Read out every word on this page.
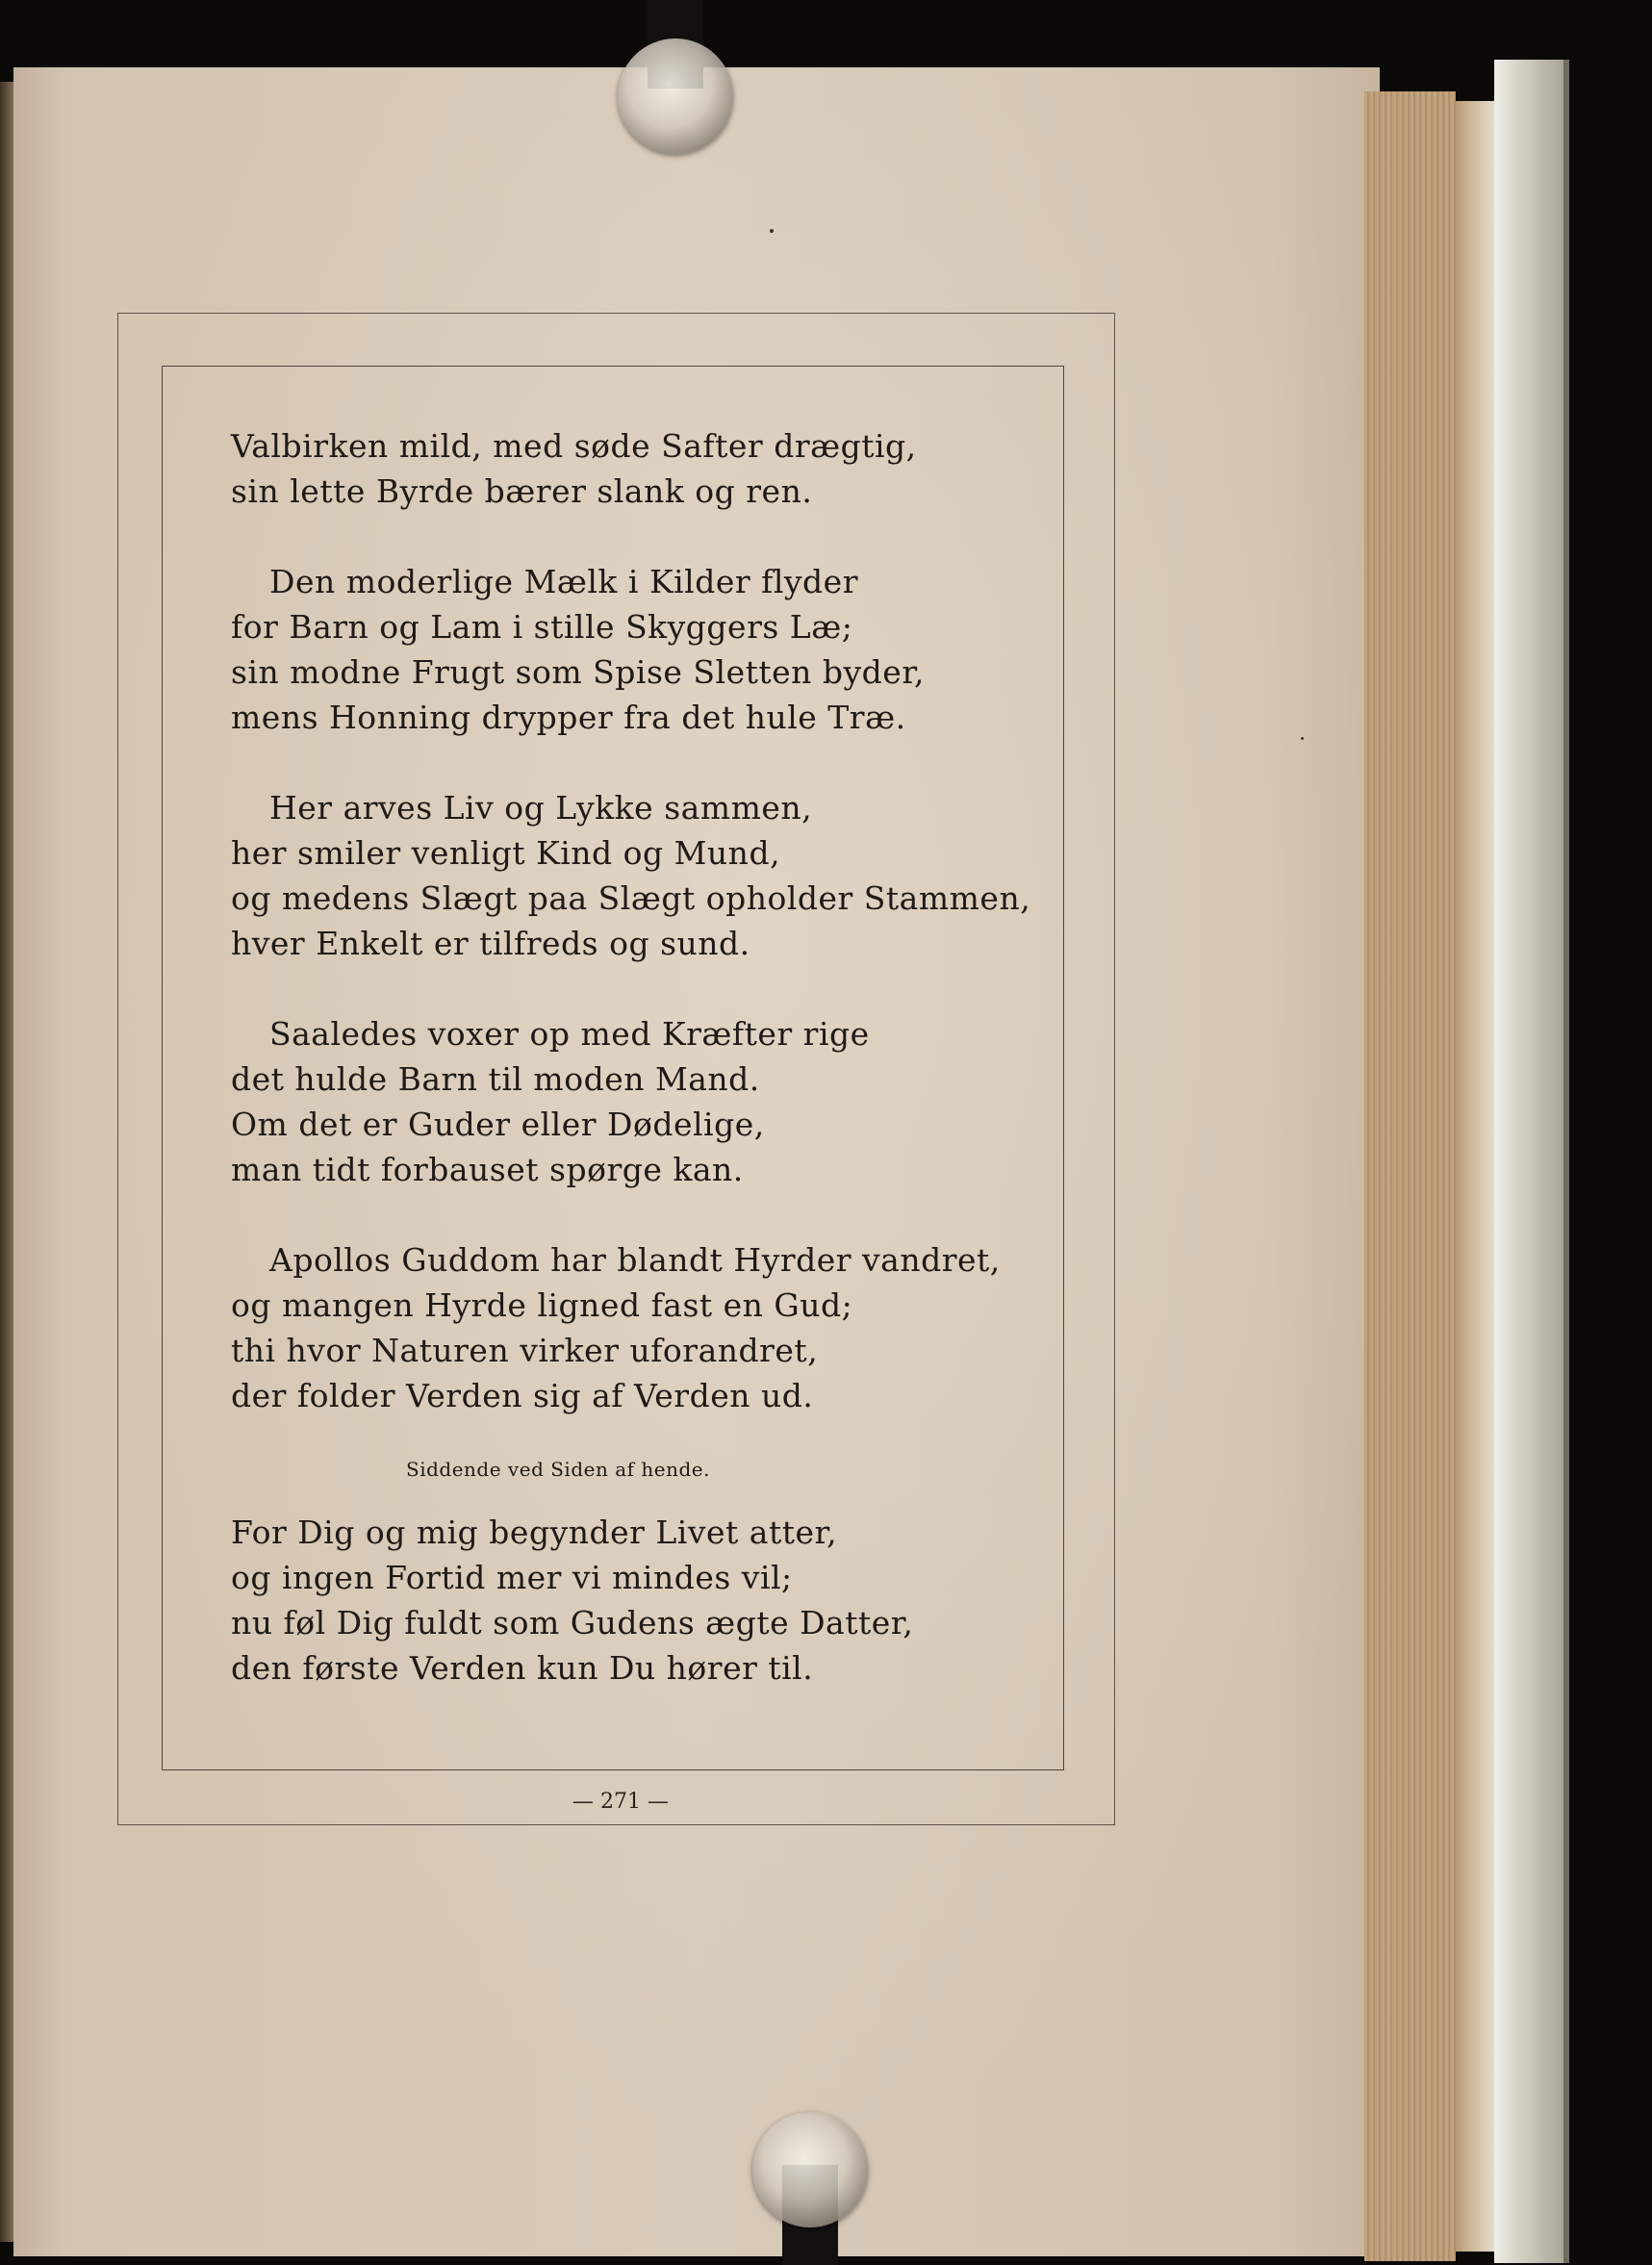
Valbirken mild, med søde Safter drægtig,
sin lette Byrde bærer slank og ren.
Den moderlige Mælk i Kilder flyder
for Barn og Lam i stille Skyggers Læ;
sin modne Frugt som Spise Sletten byder,
mens Honning drypper fra det hule Træ.
Her arves Liv og Lykke sammen,
her smiler venligt Kind og Mund,
og medens Slægt paa Slægt opholder Stammen,
hver Enkelt er tilfreds og sund.
Saaledes voxer op med Kræfter rige
det hulde Barn til moden Mand.
Om det er Guder eller Dødelige,
man tidt forbauset spørge kan.
Apollos Guddom har blandt Hyrder vandret,
og mangen Hyrde ligned fast en Gud;
thi hvor Naturen virker uforandret,
der folder Verden sig af Verden ud.
Siddende ved Siden af hende.
For Dig og mig begynder Livet atter,
og ingen Fortid mer vi mindes vil;
nu føl Dig fuldt som Gudens ægte Datter,
den første Verden kun Du hører til.
— 271 —
